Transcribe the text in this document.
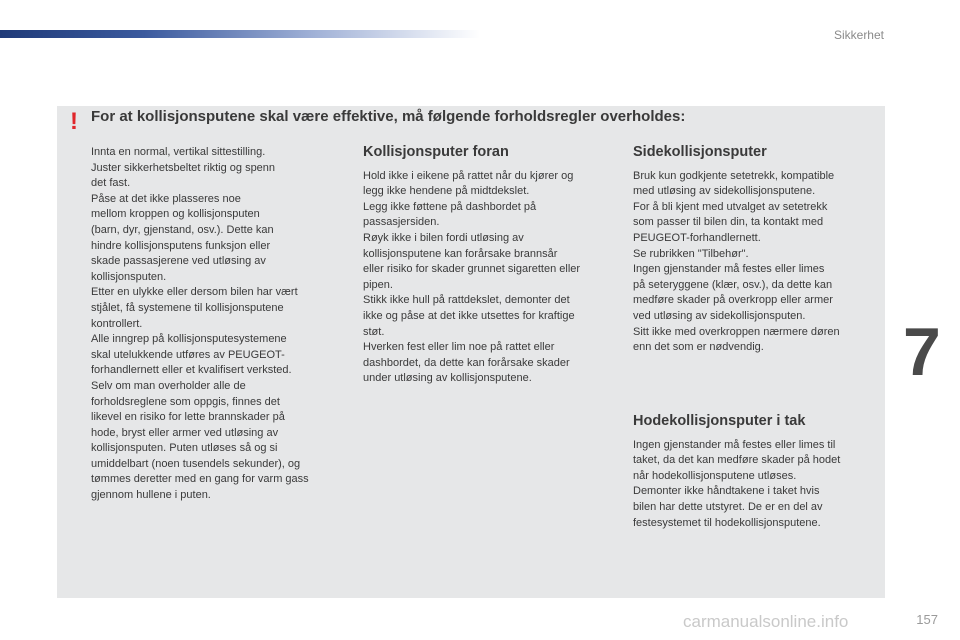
Sikkerhet
! For at kollisjonsputene skal være effektive, må følgende forholdsregler overholdes:

Innta en normal, vertikal sittestilling.
Juster sikkerhetsbeltet riktig og spenn
det fast.
Påse at det ikke plasseres noe
mellom kroppen og kollisjonsputen
(barn, dyr, gjenstand, osv.). Dette kan
hindre kollisjonsputens funksjon eller
skade passasjerene ved utløsing av
kollisjonsputen.
Etter en ulykke eller dersom bilen har vært
stjålet, få systemene til kollisjonsputene
kontrollert.
Alle inngrep på kollisjonsputesystemene
skal utelukkende utføres av PEUGEOT-
forhandlernett eller et kvalifisert verksted.
Selv om man overholder alle de
forholdsreglene som oppgis, finnes det
likevel en risiko for lette brannskader på
hode, bryst eller armer ved utløsing av
kollisjonsputen. Puten utløses så og si
umiddelbart (noen tusendels sekunder), og
tømmes deretter med en gang for varm gass
gjennom hullene i puten.

Kollisjonsputer foran

Hold ikke i eikene på rattet når du kjører og
legg ikke hendene på midtdekslet.
Legg ikke føttene på dashbordet på
passasjersiden.
Røyk ikke i bilen fordi utløsing av
kollisjonsputene kan forårsake brannsår
eller risiko for skader grunnet sigaretten eller
pipen.
Stikk ikke hull på rattdekslet, demonter det
ikke og påse at det ikke utsettes for kraftige
støt.
Hverken fest eller lim noe på rattet eller
dashbordet, da dette kan forårsake skader
under utløsing av kollisjonsputene.

Sidekollisjonsputer

Bruk kun godkjente setetrekk, kompatible
med utløsing av sidekollisjonsputene.
For å bli kjent med utvalget av setetrekk
som passer til bilen din, ta kontakt med
PEUGEOT-forhandlernett.
Se rubrikken "Tilbehør".
Ingen gjenstander må festes eller limes
på seteryggene (klær, osv.), da dette kan
medføre skader på overkropp eller armer
ved utløsing av sidekollisjonsputen.
Sitt ikke med overkroppen nærmere døren
enn det som er nødvendig.

Hodekollisjonsputer i tak

Ingen gjenstander må festes eller limes til
taket, da det kan medføre skader på hodet
når hodekollisjonsputene utløses.
Demonter ikke håndtakene i taket hvis
bilen har dette utstyret. De er en del av
festesystemet til hodekollisjonsputene.

7
carmanualsonline.info	157
